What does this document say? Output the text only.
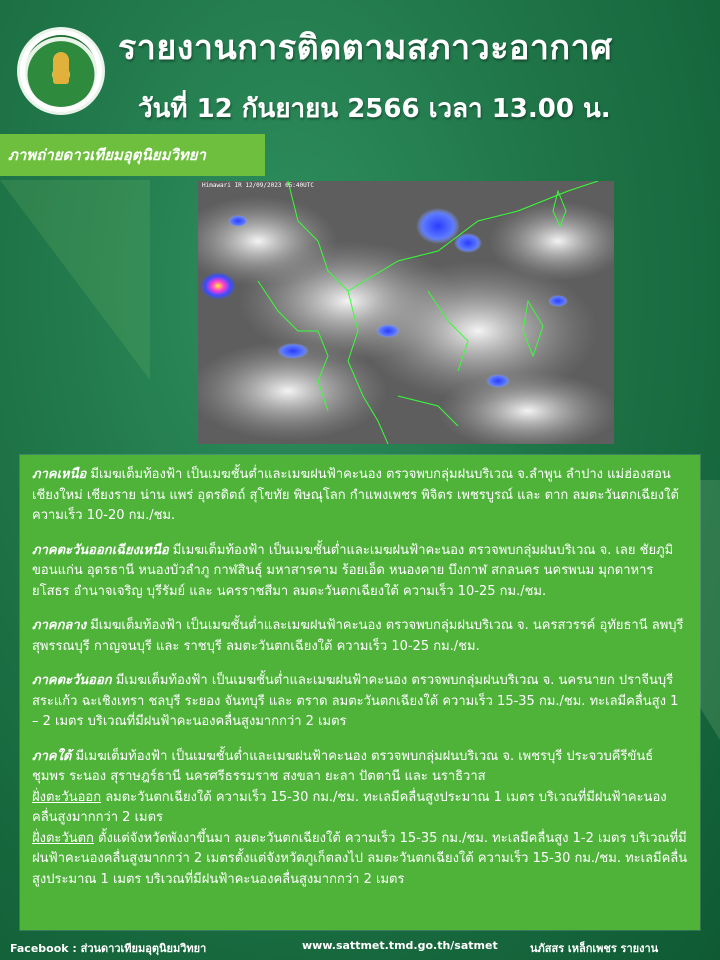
รายงานการติดตามสภาวะอากาศ
วันที่ 12 กันยายน 2566 เวลา 13.00 น.
ภาพถ่ายดาวเทียมอุตุนิยมวิทยา
Himawari IR 12/09/2023 05:40UTC

ภาคเหนือ มีเมฆเต็มท้องฟ้า เป็นเมฆชั้นต่ำและเมฆฝนฟ้าคะนอง ตรวจพบกลุ่มฝนบริเวณ จ.ลำพูน ลำปาง แม่ฮ่องสอน เชียงใหม่ เชียงราย น่าน แพร่ อุตรดิตถ์ สุโขทัย พิษณุโลก กำแพงเพชร พิจิตร เพชรบูรณ์ และ ตาก ลมตะวันตกเฉียงใต้ ความเร็ว 10-20 กม./ชม.

ภาคตะวันออกเฉียงเหนือ มีเมฆเต็มท้องฟ้า เป็นเมฆชั้นต่ำและเมฆฝนฟ้าคะนอง ตรวจพบกลุ่มฝนบริเวณ จ. เลย ชัยภูมิ ขอนแก่น อุดรธานี หนองบัวลำภู กาฬสินธุ์ มหาสารคาม ร้อยเอ็ด หนองคาย บึงกาฬ สกลนคร นครพนม มุกดาหาร ยโสธร อำนาจเจริญ บุรีรัมย์ และ นครราชสีมา ลมตะวันตกเฉียงใต้ ความเร็ว 10-25 กม./ชม.

ภาคกลาง มีเมฆเต็มท้องฟ้า เป็นเมฆชั้นต่ำและเมฆฝนฟ้าคะนอง ตรวจพบกลุ่มฝนบริเวณ จ. นครสวรรค์ อุทัยธานี ลพบุรี สุพรรณบุรี กาญจนบุรี และ ราชบุรี ลมตะวันตกเฉียงใต้ ความเร็ว 10-25 กม./ชม.

ภาคตะวันออก มีเมฆเต็มท้องฟ้า เป็นเมฆชั้นต่ำและเมฆฝนฟ้าคะนอง ตรวจพบกลุ่มฝนบริเวณ จ. นครนายก ปราจีนบุรี สระแก้ว ฉะเชิงเทรา ชลบุรี ระยอง จันทบุรี และ ตราด ลมตะวันตกเฉียงใต้ ความเร็ว 15-35 กม./ชม. ทะเลมีคลื่นสูง 1 – 2 เมตร บริเวณที่มีฝนฟ้าคะนองคลื่นสูงมากกว่า 2 เมตร

ภาคใต้ มีเมฆเต็มท้องฟ้า เป็นเมฆชั้นต่ำและเมฆฝนฟ้าคะนอง ตรวจพบกลุ่มฝนบริเวณ จ. เพชรบุรี ประจวบคีรีขันธ์ ชุมพร ระนอง สุราษฎร์ธานี นครศรีธรรมราช สงขลา ยะลา ปัตตานี และ นราธิวาส
ฝั่งตะวันออก ลมตะวันตกเฉียงใต้ ความเร็ว 15-30 กม./ชม. ทะเลมีคลื่นสูงประมาณ 1 เมตร บริเวณที่มีฝนฟ้าคะนองคลื่นสูงมากกว่า 2 เมตร
ฝั่งตะวันตก ตั้งแต่จังหวัดพังงาขึ้นมา ลมตะวันตกเฉียงใต้ ความเร็ว 15-35 กม./ชม. ทะเลมีคลื่นสูง 1-2 เมตร บริเวณที่มีฝนฟ้าคะนองคลื่นสูงมากกว่า 2 เมตรตั้งแต่จังหวัดภูเก็ตลงไป ลมตะวันตกเฉียงใต้ ความเร็ว 15-30 กม./ชม. ทะเลมีคลื่นสูงประมาณ 1 เมตร บริเวณที่มีฝนฟ้าคะนองคลื่นสูงมากกว่า 2 เมตร

Facebook : ส่วนดาวเทียมอุตุนิยมวิทยา	www.sattmet.tmd.go.th/satmet	นภัสสร เหล็กเพชร รายงาน
